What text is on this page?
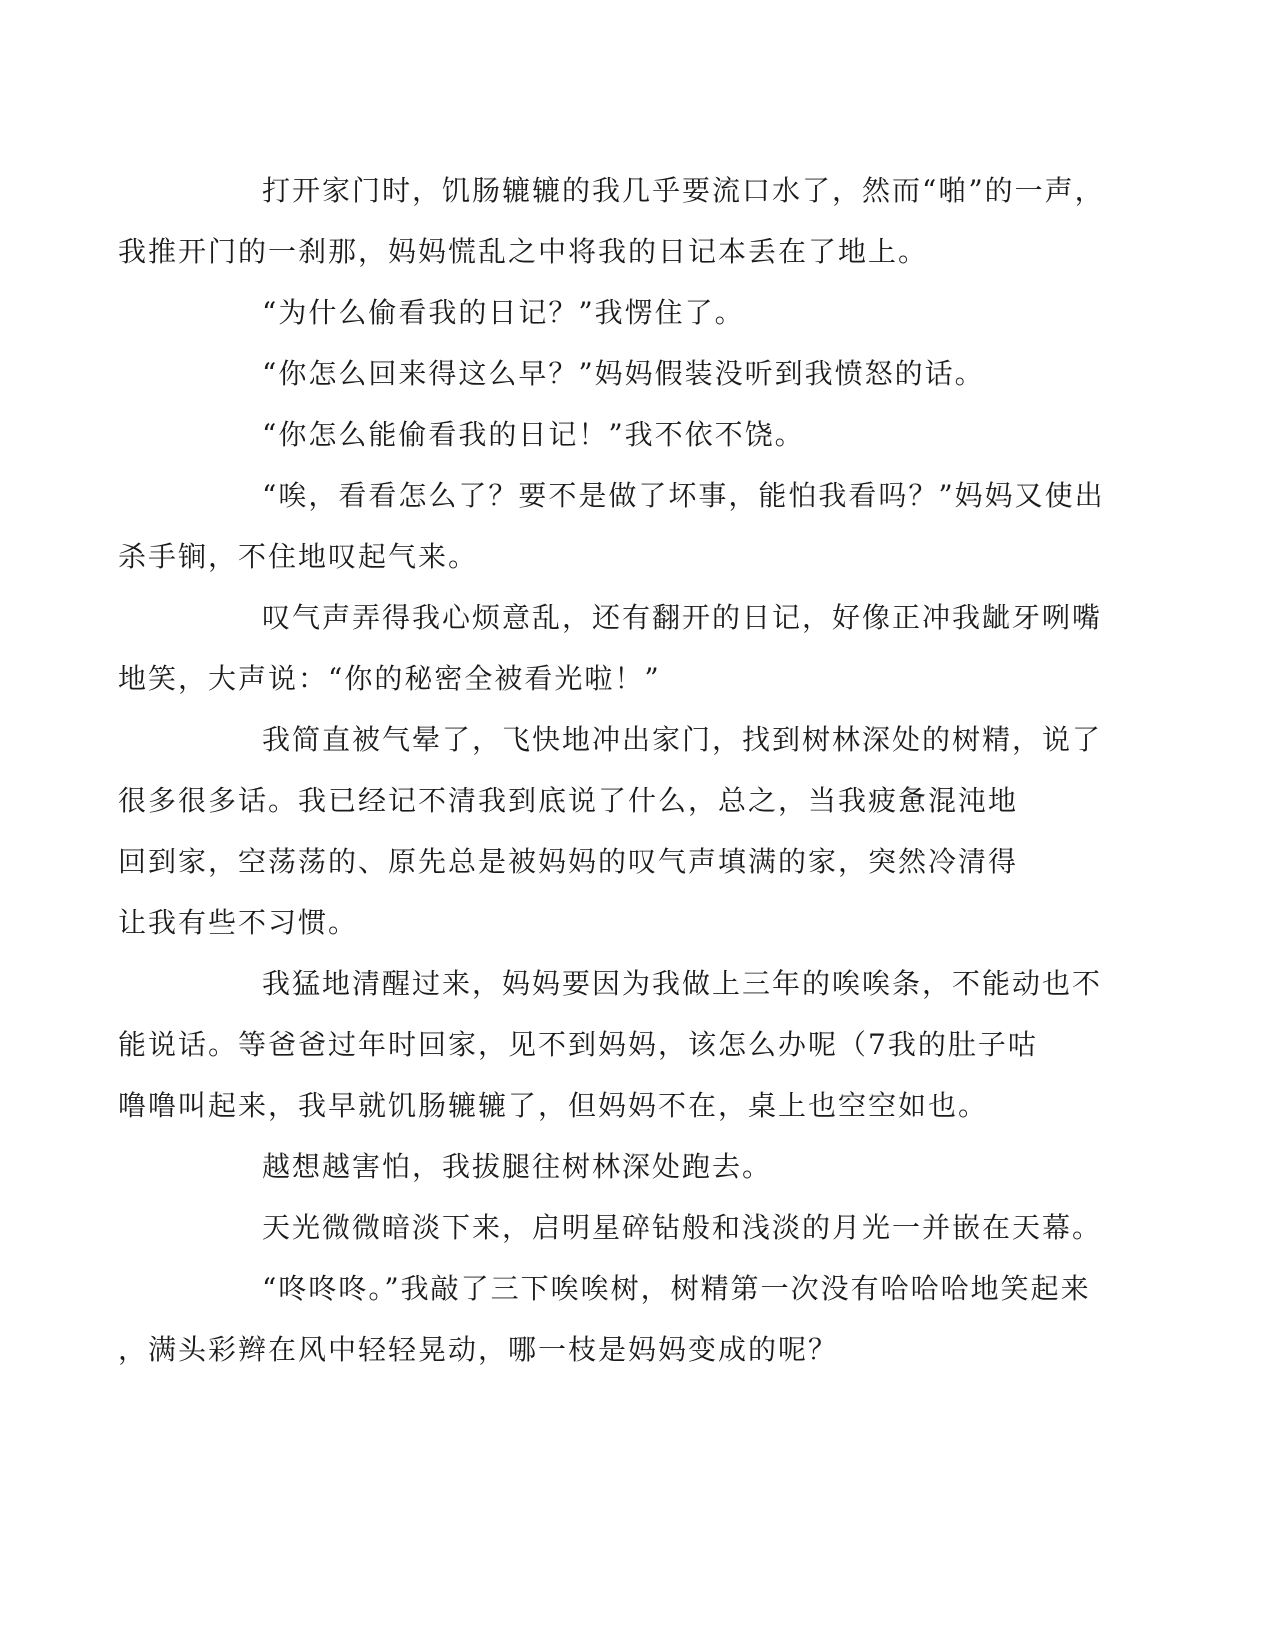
打开家门时，饥肠辘辘的我几乎要流口水了，然而“啪”的一声，
我推开门的一刹那，妈妈慌乱之中将我的日记本丢在了地上。

“为什么偷看我的日记？”我愣住了。

“你怎么回来得这么早？”妈妈假装没听到我愤怒的话。

“你怎么能偷看我的日记！”我不依不饶。

“唉，看看怎么了？要不是做了坏事，能怕我看吗？”妈妈又使出
杀手锏，不住地叹起气来。

叹气声弄得我心烦意乱，还有翻开的日记，好像正冲我龇牙咧嘴
地笑，大声说：“你的秘密全被看光啦！”

我简直被气晕了，飞快地冲出家门，找到树林深处的树精，说了
很多很多话。我已经记不清我到底说了什么，总之，当我疲惫混沌地
回到家，空荡荡的、原先总是被妈妈的叹气声填满的家，突然冷清得
让我有些不习惯。

我猛地清醒过来，妈妈要因为我做上三年的唉唉条，不能动也不
能说话。等爸爸过年时回家，见不到妈妈，该怎么办呢（7我的肚子咕
噜噜叫起来，我早就饥肠辘辘了，但妈妈不在，桌上也空空如也。

越想越害怕，我拔腿往树林深处跑去。

天光微微暗淡下来，启明星碎钻般和浅淡的月光一并嵌在天幕。

“咚咚咚。”我敲了三下唉唉树，树精第一次没有哈哈哈地笑起来
，满头彩辫在风中轻轻晃动，哪一枝是妈妈变成的呢？
